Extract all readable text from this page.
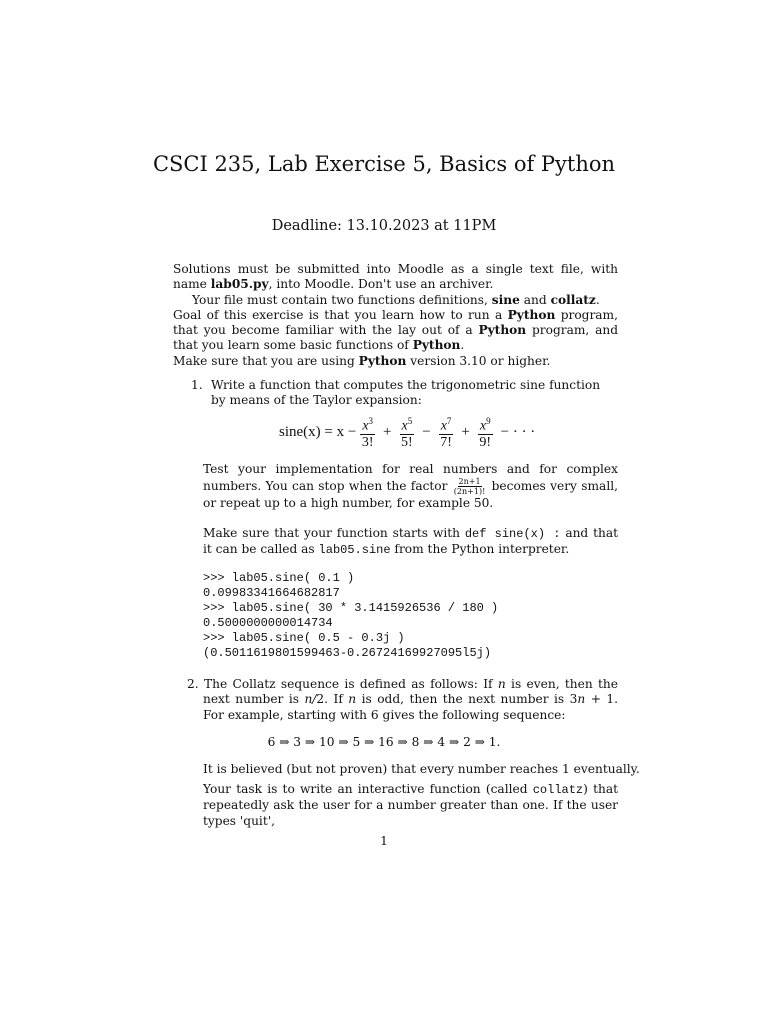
CSCI 235, Lab Exercise 5, Basics of Python
Deadline: 13.10.2023 at 11PM

Solutions must be submitted into Moodle as a single text file, with name lab05.py, into Moodle. Don't use an archiver.

Your file must contain two functions definitions, sine and collatz.

Goal of this exercise is that you learn how to run a Python program, that you become familiar with the lay out of a Python program, and that you learn some basic functions of Python.

Make sure that you are using Python version 3.10 or higher.

1. Write a function that computes the trigonometric sine function by means of the Taylor expansion:
$\sin e(x) = x - \frac{x^3}{3!} + \frac{x^5}{5!} - \frac{x^7}{7!} + \frac{x^9}{9!}$ − · · ·
Test your implementation for real numbers and for complex numbers. You can stop when the factor $\frac{2n+1}{(2n+1)!}$ becomes very small, or repeat up to a high number, for example 50.
Make sure that your function starts with def sine(x) : and that it can be called as lab05.sine from the Python interpreter.
>>> lab05.sine( 0.1 )
0.09983341664682817
>>> lab05.sine( 30 * 3.1415926536 / 180 )
0.5000000000014734
>>> lab05.sine( 0.5 - 0.3j )
(0.5011619801599463-0.26724169927095l5j)
2. The Collatz sequence is defined as follows: If n is even, then the next number is n/2. If n is odd, then the next number is 3n + 1. For example, starting with 6 gives the following sequence:
6 ⇒ 3 ⇒ 10 ⇒ 5 ⇒ 16 ⇒ 8 ⇒ 4 ⇒ 2 ⇒ 1.
It is believed (but not proven) that every number reaches 1 eventually.
Your task is to write an interactive function (called collatz) that repeatedly ask the user for a number greater than one. If the user types 'quit',
1
